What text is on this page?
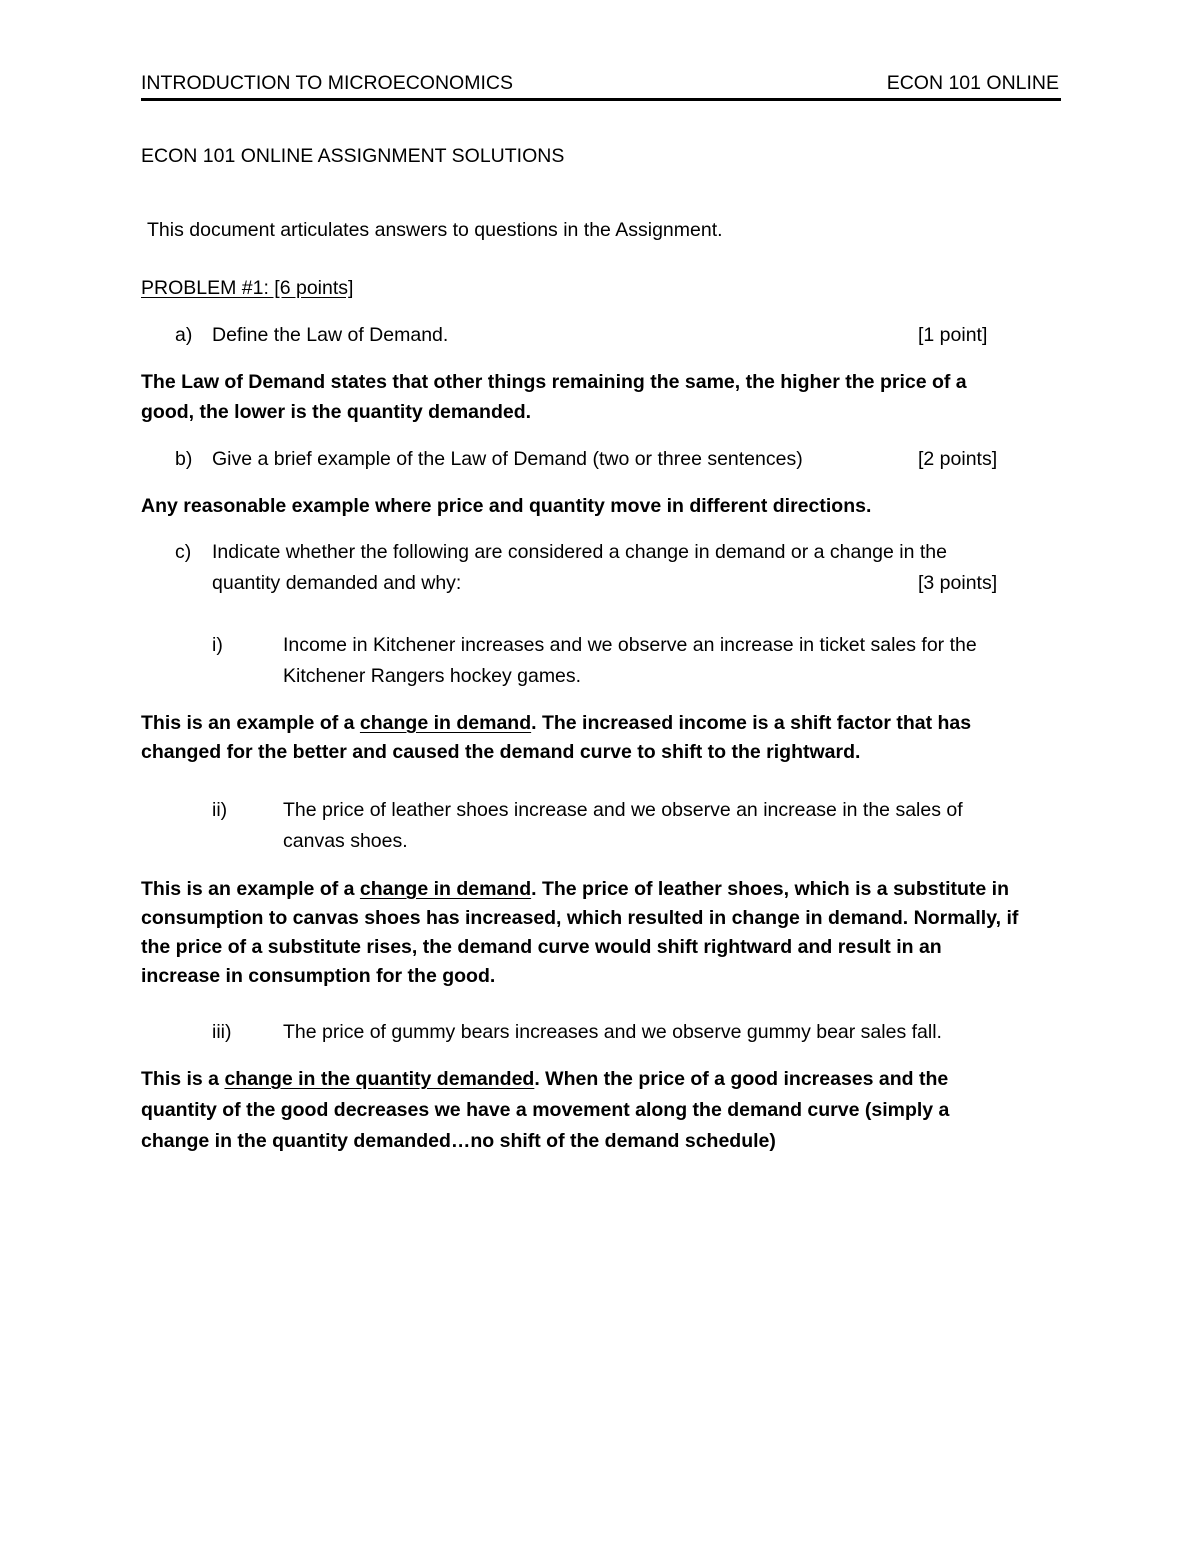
INTRODUCTION TO MICROECONOMICS	ECON 101 ONLINE
ECON 101 ONLINE ASSIGNMENT SOLUTIONS
This document articulates answers to questions in the Assignment.
PROBLEM #1: [6 points]
a) Define the Law of Demand.	[1 point]
The Law of Demand states that other things remaining the same, the higher the price of a
good, the lower is the quantity demanded.
b) Give a brief example of the Law of Demand (two or three sentences)	[2 points]
Any reasonable example where price and quantity move in different directions.
c) Indicate whether the following are considered a change in demand or a change in the
quantity demanded and why:	[3 points]
i)	Income in Kitchener increases and we observe an increase in ticket sales for the
Kitchener Rangers hockey games.
This is an example of a change in demand. The increased income is a shift factor that has
changed for the better and caused the demand curve to shift to the rightward.
ii)	The price of leather shoes increase and we observe an increase in the sales of
canvas shoes.
This is an example of a change in demand. The price of leather shoes, which is a substitute in
consumption to canvas shoes has increased, which resulted in change in demand. Normally, if
the price of a substitute rises, the demand curve would shift rightward and result in an
increase in consumption for the good.
iii)	The price of gummy bears increases and we observe gummy bear sales fall.
This is a change in the quantity demanded. When the price of a good increases and the
quantity of the good decreases we have a movement along the demand curve (simply a
change in the quantity demanded…no shift of the demand schedule)
